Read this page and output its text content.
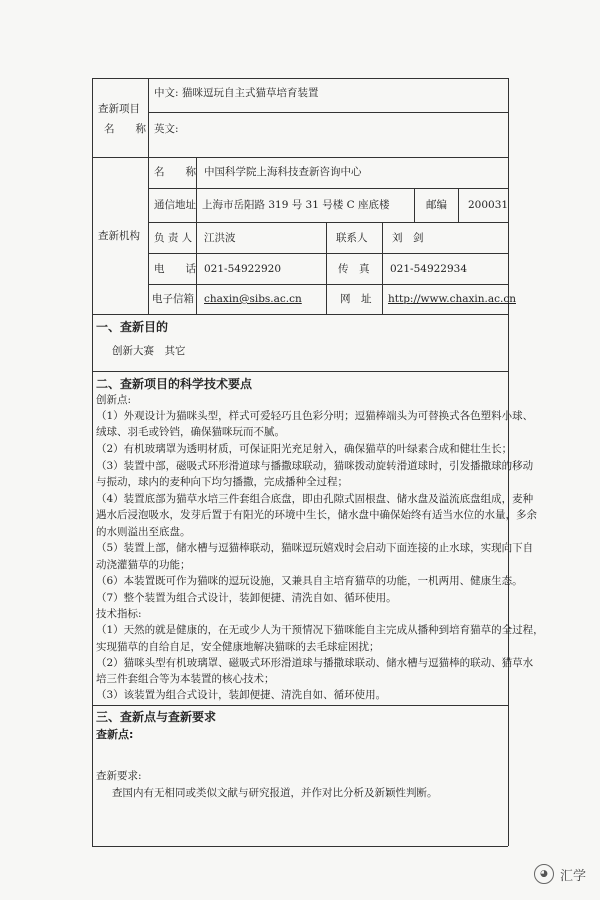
查新项目
名　　称
中文: 猫咪逗玩自主式猫草培育装置
英文:
查新机构
名　　称 中国科学院上海科技查新咨询中心
通信地址 上海市岳阳路 319 号 31 号楼 C 座底楼	邮编 200031
负 责 人 江洪波	联系人 刘　剑
电　　话 021-54922920	传　真 021-54922934
电子信箱 chaxin@sibs.ac.cn	网　址 http://www.chaxin.ac.cn
一、查新目的
创新大赛　其它
二、查新项目的科学技术要点
创新点:
（1）外观设计为猫咪头型，样式可爱轻巧且色彩分明；逗猫棒端头为可替换式各色塑料小球、
绒球、羽毛或铃铛，确保猫咪玩而不腻。
（2）有机玻璃罩为透明材质，可保证阳光充足射入，确保猫草的叶绿素合成和健壮生长；
（3）装置中部，磁吸式环形滑道球与播撒球联动，猫咪拨动旋转滑道球时，引发播撒球的移动
与振动，球内的麦种向下均匀播撒，完成播种全过程；
（4）装置底部为猫草水培三件套组合底盘，即由孔隙式固根盘、储水盘及溢流底盘组成，麦种
遇水后浸泡吸水，发芽后置于有阳光的环境中生长，储水盘中确保始终有适当水位的水量，多余
的水则溢出至底盘。
（5）装置上部，储水槽与逗猫棒联动，猫咪逗玩嬉戏时会启动下面连接的止水球，实现向下自
动浇灌猫草的功能；
（6）本装置既可作为猫咪的逗玩设施，又兼具自主培育猫草的功能，一机两用、健康生态。
（7）整个装置为组合式设计，装卸便捷、清洗自如、循环使用。
技术指标:
（1）天然的就是健康的，在无或少人为干预情况下猫咪能自主完成从播种到培育猫草的全过程，
实现猫草的自给自足，安全健康地解决猫咪的去毛球症困扰；
（2）猫咪头型有机玻璃罩、磁吸式环形滑道球与播撒球联动、储水槽与逗猫棒的联动、猫草水
培三件套组合等为本装置的核心技术；
（3）该装置为组合式设计，装卸便捷、清洗自如、循环使用。
三、查新点与查新要求
查新点:
查新要求:
查国内有无相同或类似文献与研究报道，并作对比分析及新颖性判断。
◕ 汇学
